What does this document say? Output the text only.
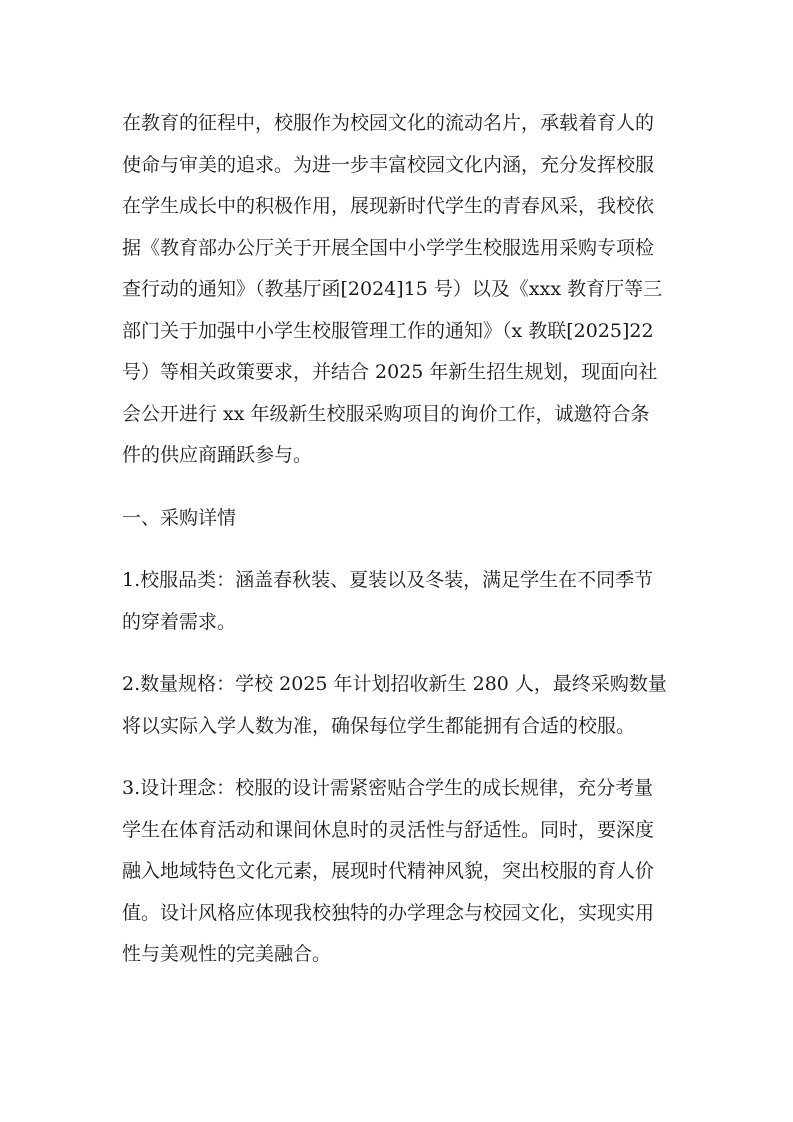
在教育的征程中，校服作为校园文化的流动名片，承载着育人的
使命与审美的追求。为进一步丰富校园文化内涵，充分发挥校服
在学生成长中的积极作用，展现新时代学生的青春风采，我校依
据《教育部办公厅关于开展全国中小学学生校服选用采购专项检
查行动的通知》（教基厅函[2024]15 号）以及《xxx 教育厅等三
部门关于加强中小学生校服管理工作的通知》（x 教联[2025]22
号）等相关政策要求，并结合 2025 年新生招生规划，现面向社
会公开进行 xx 年级新生校服采购项目的询价工作，诚邀符合条
件的供应商踊跃参与。
一、采购详情
1.校服品类：涵盖春秋装、夏装以及冬装，满足学生在不同季节
的穿着需求。
2.数量规格：学校 2025 年计划招收新生 280 人，最终采购数量
将以实际入学人数为准，确保每位学生都能拥有合适的校服。
3.设计理念：校服的设计需紧密贴合学生的成长规律，充分考量
学生在体育活动和课间休息时的灵活性与舒适性。同时，要深度
融入地域特色文化元素，展现时代精神风貌，突出校服的育人价
值。设计风格应体现我校独特的办学理念与校园文化，实现实用
性与美观性的完美融合。
